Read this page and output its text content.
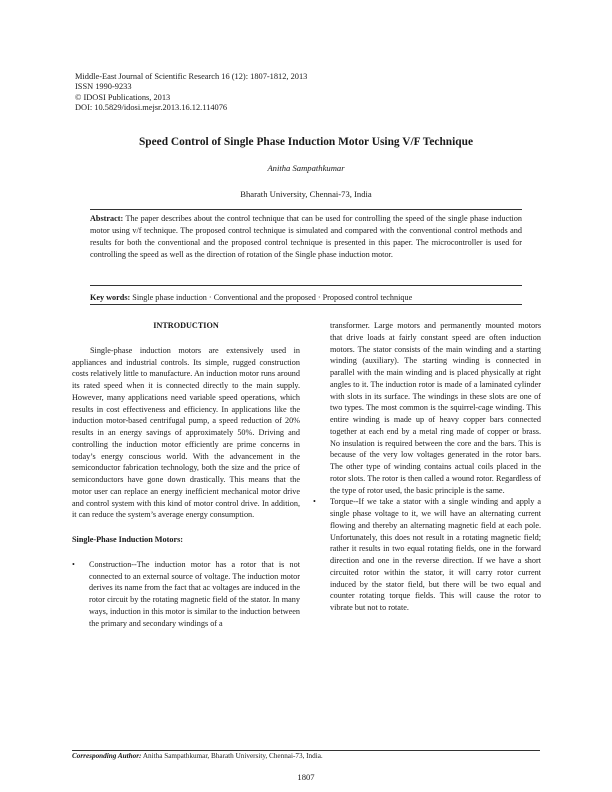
Middle-East Journal of Scientific Research 16 (12): 1807-1812, 2013
ISSN 1990-9233
© IDOSI Publications, 2013
DOI: 10.5829/idosi.mejsr.2013.16.12.114076
Speed Control of Single Phase Induction Motor Using V/F Technique
Anitha Sampathkumar
Bharath University, Chennai-73, India
Abstract: The paper describes about the control technique that can be used for controlling the speed of the single phase induction motor using v/f technique. The proposed control technique is simulated and compared with the conventional control methods and results for both the conventional and the proposed control technique is presented in this paper. The microcontroller is used for controlling the speed as well as the direction of rotation of the Single phase induction motor.
Key words: Single phase induction · Conventional and the proposed · Proposed control technique

INTRODUCTION

Single-phase induction motors are extensively used in appliances and industrial controls. Its simple, rugged construction costs relatively little to manufacture. An induction motor runs around its rated speed when it is connected directly to the main supply. However, many applications need variable speed operations, which results in cost effectiveness and efficiency. In applications like the induction motor-based centrifugal pump, a speed reduction of 20% results in an energy savings of approximately 50%. Driving and controlling the induction motor efficiently are prime concerns in today’s energy conscious world. With the advancement in the semiconductor fabrication technology, both the size and the price of semiconductors have gone down drastically. This means that the motor user can replace an energy inefficient mechanical motor drive and control system with this kind of motor control drive. In addition, it can reduce the system’s average energy consumption.

Single-Phase Induction Motors:

• Construction--The induction motor has a rotor that is not connected to an external source of voltage. The induction motor derives its name from the fact that ac voltages are induced in the rotor circuit by the rotating magnetic field of the stator. In many ways, induction in this motor is similar to the induction between the primary and secondary windings of a

transformer. Large motors and permanently mounted motors that drive loads at fairly constant speed are often induction motors. The stator consists of the main winding and a starting winding (auxiliary). The starting winding is connected in parallel with the main winding and is placed physically at right angles to it. The induction rotor is made of a laminated cylinder with slots in its surface. The windings in these slots are one of two types. The most common is the squirrel-cage winding. This entire winding is made up of heavy copper bars connected together at each end by a metal ring made of copper or brass. No insulation is required between the core and the bars. This is because of the very low voltages generated in the rotor bars. The other type of winding contains actual coils placed in the rotor slots. The rotor is then called a wound rotor. Regardless of the type of rotor used, the basic principle is the same.

• Torque--If we take a stator with a single winding and apply a single phase voltage to it, we will have an alternating current flowing and thereby an alternating magnetic field at each pole. Unfortunately, this does not result in a rotating magnetic field; rather it results in two equal rotating fields, one in the forward direction and one in the reverse direction. If we have a short circuited rotor within the stator, it will carry rotor current induced by the stator field, but there will be two equal and counter rotating torque fields. This will cause the rotor to vibrate but not to rotate.

Corresponding Author: Anitha Sampathkumar, Bharath University, Chennai-73, India.
1807
